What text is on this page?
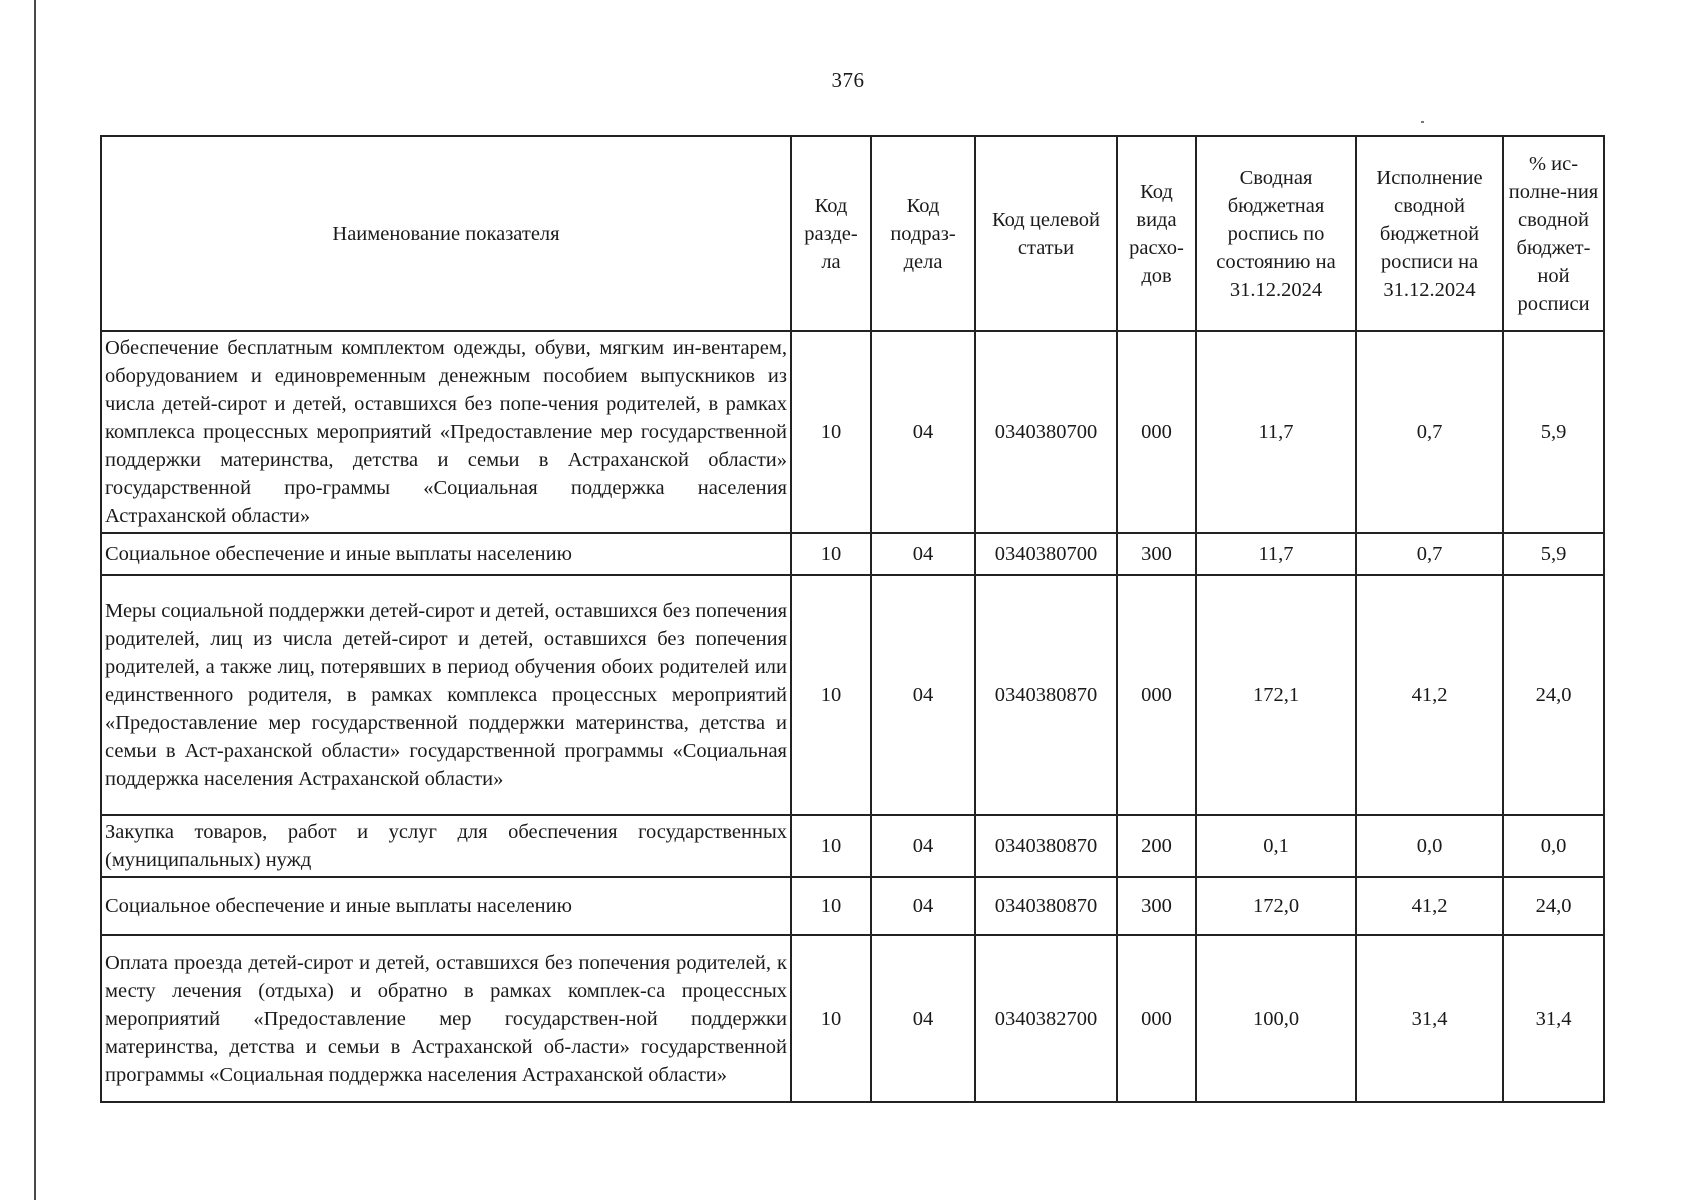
376
Наименование показателя	Код разде-ла	Код подраз-дела	Код целевой статьи	Код вида расхо-дов	Сводная бюджетная роспись по состоянию на 31.12.2024	Исполнение сводной бюджетной росписи на 31.12.2024	% ис-полне-ния сводной бюджет-ной росписи
Обеспечение бесплатным комплектом одежды, обуви, мягким ин-вентарем, оборудованием и единовременным денежным пособием выпускников из числа детей-сирот и детей, оставшихся без попе-чения родителей, в рамках комплекса процессных мероприятий «Предоставление мер государственной поддержки материнства, детства и семьи в Астраханской области» государственной про-граммы «Социальная поддержка населения Астраханской области»	10	04	0340380700	000	11,7	0,7	5,9
Социальное обеспечение и иные выплаты населению	10	04	0340380700	300	11,7	0,7	5,9
Меры социальной поддержки детей-сирот и детей, оставшихся без попечения родителей, лиц из числа детей-сирот и детей, оставшихся без попечения родителей, а также лиц, потерявших в период обучения обоих родителей или единственного родителя, в рамках комплекса процессных мероприятий «Предоставление мер государственной поддержки материнства, детства и семьи в Аст-раханской области» государственной программы «Социальная поддержка населения Астраханской области»	10	04	0340380870	000	172,1	41,2	24,0
Закупка товаров, работ и услуг для обеспечения государственных (муниципальных) нужд	10	04	0340380870	200	0,1	0,0	0,0
Социальное обеспечение и иные выплаты населению	10	04	0340380870	300	172,0	41,2	24,0
Оплата проезда детей-сирот и детей, оставшихся без попечения родителей, к месту лечения (отдыха) и обратно в рамках комплек-са процессных мероприятий «Предоставление мер государствен-ной поддержки материнства, детства и семьи в Астраханской об-ласти» государственной программы «Социальная поддержка населения Астраханской области»	10	04	0340382700	000	100,0	31,4	31,4
